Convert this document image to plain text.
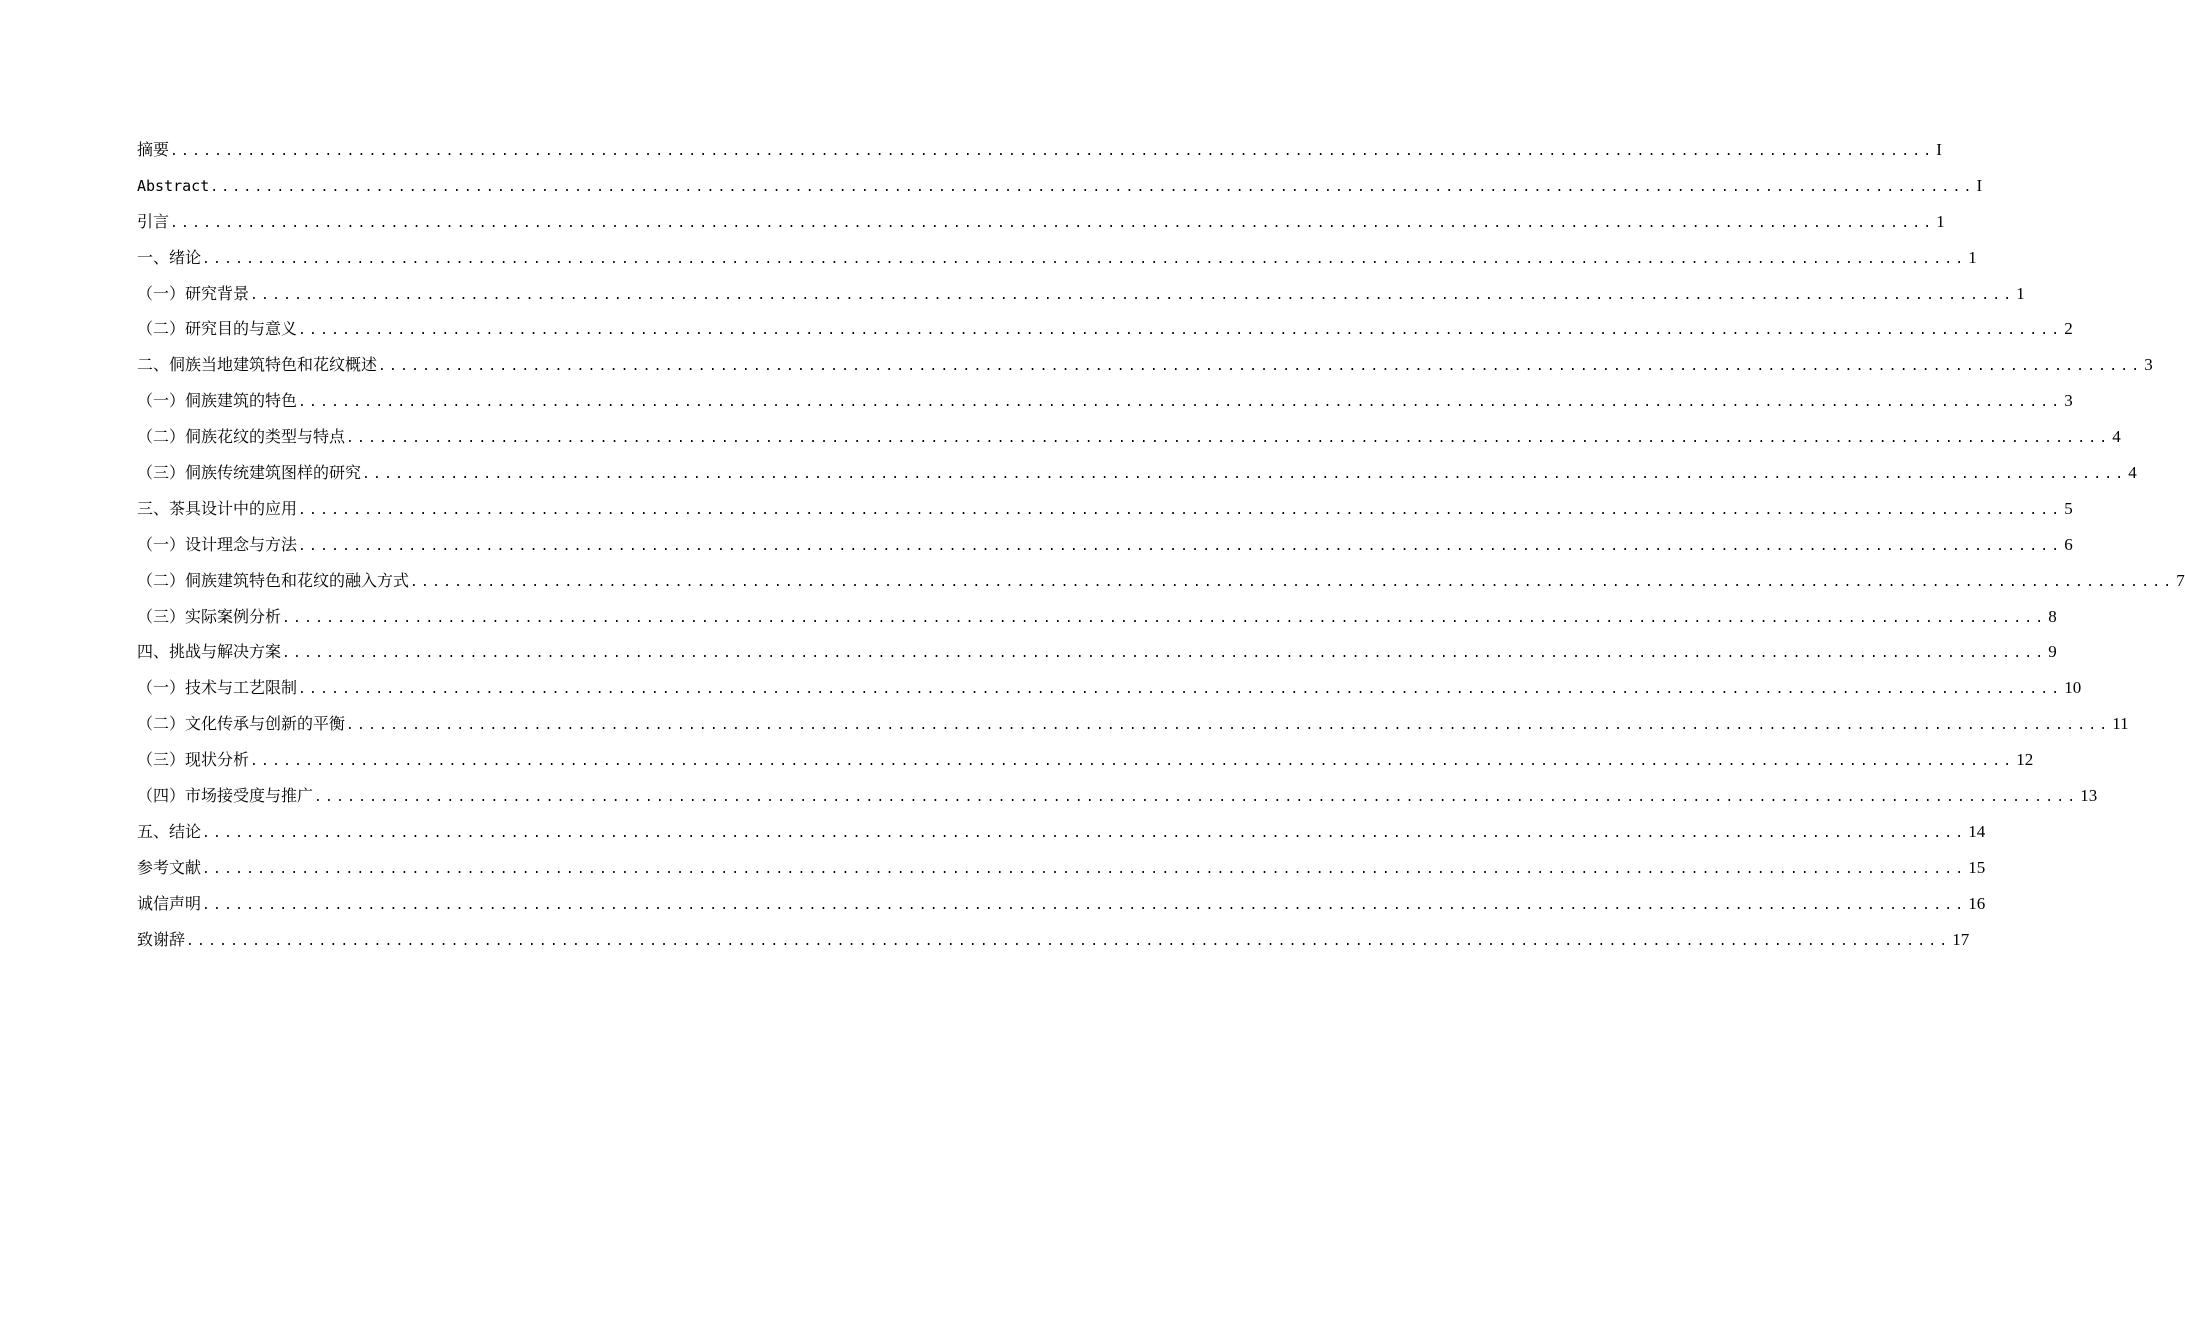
摘要 ................................................................................................................................................................ I
Abstract ................................................................................................................................................................ I
引言 ................................................................................................................................................................ 1
一、绪论 ................................................................................................................................................................ 1
（一）研究背景 ................................................................................................................................................................ 1
（二）研究目的与意义 ................................................................................................................................................................ 2
二、侗族当地建筑特色和花纹概述 ................................................................................................................................................................ 3
（一）侗族建筑的特色 ................................................................................................................................................................ 3
（二）侗族花纹的类型与特点 ................................................................................................................................................................ 4
（三）侗族传统建筑图样的研究 ................................................................................................................................................................ 4
三、茶具设计中的应用 ................................................................................................................................................................ 5
（一）设计理念与方法 ................................................................................................................................................................ 6
（二）侗族建筑特色和花纹的融入方式 ................................................................................................................................................................ 7
（三）实际案例分析 ................................................................................................................................................................ 8
四、挑战与解决方案 ................................................................................................................................................................ 9
（一）技术与工艺限制 ................................................................................................................................................................ 10
（二）文化传承与创新的平衡 ................................................................................................................................................................ 11
（三）现状分析 ................................................................................................................................................................ 12
（四）市场接受度与推广 ................................................................................................................................................................ 13
五、结论 ................................................................................................................................................................ 14
参考文献 ................................................................................................................................................................ 15
诚信声明 ................................................................................................................................................................ 16
致谢辞 ................................................................................................................................................................ 17
